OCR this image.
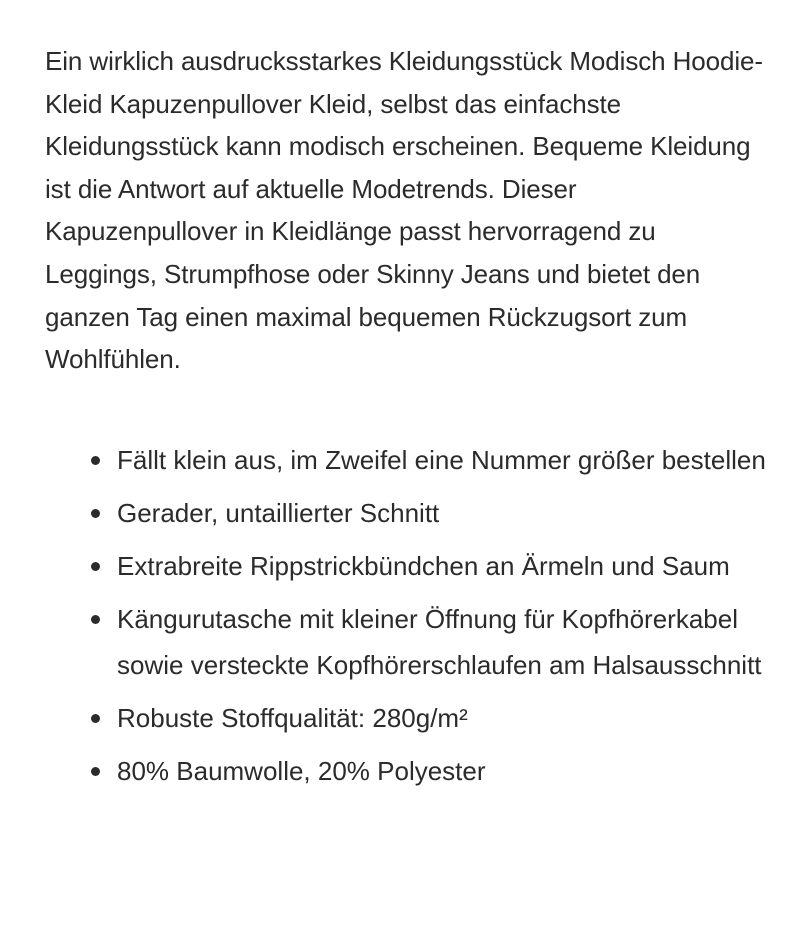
Ein wirklich ausdrucksstarkes Kleidungsstück Modisch Hoodie-Kleid Kapuzenpullover Kleid, selbst das einfachste Kleidungsstück kann modisch erscheinen. Bequeme Kleidung ist die Antwort auf aktuelle Modetrends. Dieser Kapuzenpullover in Kleidlänge passt hervorragend zu Leggings, Strumpfhose oder Skinny Jeans und bietet den ganzen Tag einen maximal bequemen Rückzugsort zum Wohlfühlen.

Fällt klein aus, im Zweifel eine Nummer größer bestellen
Gerader, untaillierter Schnitt
Extrabreite Rippstrickbündchen an Ärmeln und Saum
Kängurutasche mit kleiner Öffnung für Kopfhörerkabel sowie versteckte Kopfhörerschlaufen am Halsausschnitt
Robuste Stoffqualität: 280g/m²
80% Baumwolle, 20% Polyester
